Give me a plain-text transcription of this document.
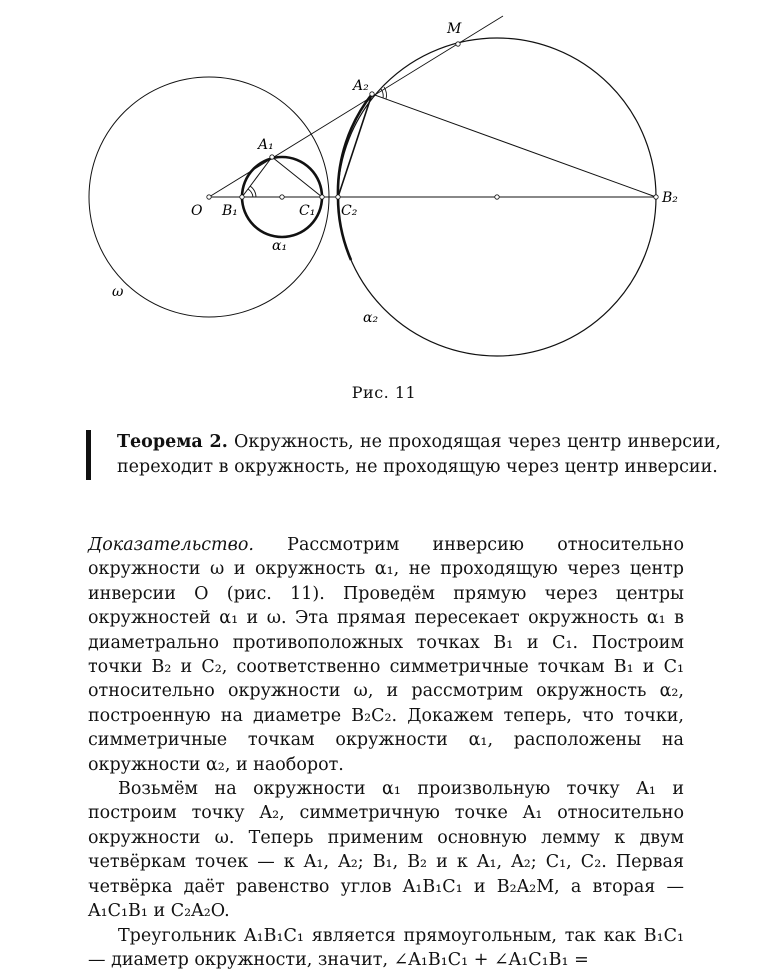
M
A₂
A₁
O B₁	C₁ C₂
B₂
α₁
ω
α₂
Рис. 11
Теорема 2. Окружность, не проходящая через центр инверсии, переходит в окружность, не проходящую через центр инверсии.

Доказательство. Рассмотрим инверсию относительно окружности ω и окружность α₁, не проходящую через центр инверсии O (рис. 11). Проведём прямую через центры окружностей α₁ и ω. Эта прямая пересекает окружность α₁ в диаметрально противоположных точках B₁ и C₁. Построим точки B₂ и C₂, соответственно симметричные точкам B₁ и C₁ относительно окружности ω, и рассмотрим окружность α₂, построенную на диаметре B₂C₂. Докажем теперь, что точки, симметричные точкам окружности α₁, расположены на окружности α₂, и наоборот.

Возьмём на окружности α₁ произвольную точку A₁ и построим точку A₂, симметричную точке A₁ относительно окружности ω. Теперь применим основную лемму к двум четвёркам точек — к A₁, A₂; B₁, B₂ и к A₁, A₂; C₁, C₂. Первая четвёрка даёт равенство углов A₁B₁C₁ и B₂A₂M, а вторая — A₁C₁B₁ и C₂A₂O.

Треугольник A₁B₁C₁ является прямоугольным, так как B₁C₁ — диаметр окружности, значит, ∠A₁B₁C₁ + ∠A₁C₁B₁ =
